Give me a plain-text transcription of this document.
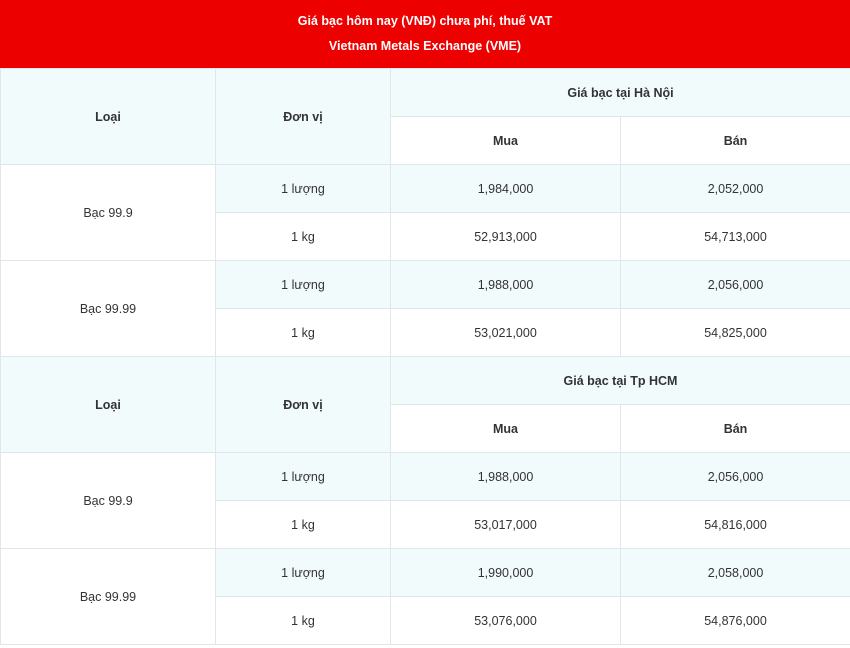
Giá bạc hôm nay (VNĐ) chưa phí, thuế VAT
Vietnam Metals Exchange (VME)
Loại	Đơn vị	Giá bạc tại Hà Nội	
		Mua	Bán
Bạc 99.9	1 lượng	1,984,000	2,052,000
	1 kg	52,913,000	54,713,000
Bạc 99.99	1 lượng	1,988,000	2,056,000
	1 kg	53,021,000	54,825,000
Loại	Đơn vị	Giá bạc tại Tp HCM	
		Mua	Bán
Bạc 99.9	1 lượng	1,988,000	2,056,000
	1 kg	53,017,000	54,816,000
Bạc 99.99	1 lượng	1,990,000	2,058,000
	1 kg	53,076,000	54,876,000
